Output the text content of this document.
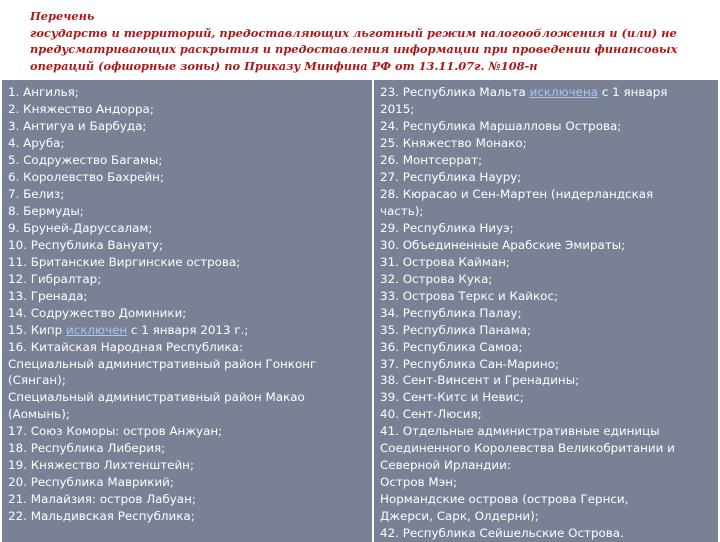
Перечень
государств и территорий, предоставляющих льготный режим налогообложения и (или) не
предусматривающих раскрытия и предоставления информации при проведении финансовых
операций (офшорные зоны) по Приказу Минфина РФ от 13.11.07г. №108-н
1. Ангилья;
2. Княжество Андорра;
3. Антигуа и Барбуда;
4. Аруба;
5. Содружество Багамы;
6. Королевство Бахрейн;
7. Белиз;
8. Бермуды;
9. Бруней-Даруссалам;
10. Республика Вануату;
11. Британские Виргинские острова;
12. Гибралтар;
13. Гренада;
14. Содружество Доминики;
15. Кипр исключен с 1 января 2013 г.;
16. Китайская Народная Республика:
Специальный административный район Гонконг
(Сянган);
Специальный административный район Макао
(Аомынь);
17. Союз Коморы: остров Анжуан;
18. Республика Либерия;
19. Княжество Лихтенштейн;
20. Республика Маврикий;
21. Малайзия: остров Лабуан;
22. Мальдивская Республика;
23. Республика Мальта исключена с 1 января
2015;
24. Республика Маршалловы Острова;
25. Княжество Монако;
26. Монтсеррат;
27. Республика Науру;
28. Кюрасао и Сен-Мартен (нидерландская
часть);
29. Республика Ниуэ;
30. Объединенные Арабские Эмираты;
31. Острова Кайман;
32. Острова Кука;
33. Острова Теркс и Кайкос;
34. Республика Палау;
35. Республика Панама;
36. Республика Самоа;
37. Республика Сан-Марино;
38. Сент-Винсент и Гренадины;
39. Сент-Китс и Невис;
40. Сент-Люсия;
41. Отдельные административные единицы
Соединенного Королевства Великобритании и
Северной Ирландии:
Остров Мэн;
Нормандские острова (острова Гернси,
Джерси, Сарк, Олдерни);
42. Республика Сейшельские Острова.
